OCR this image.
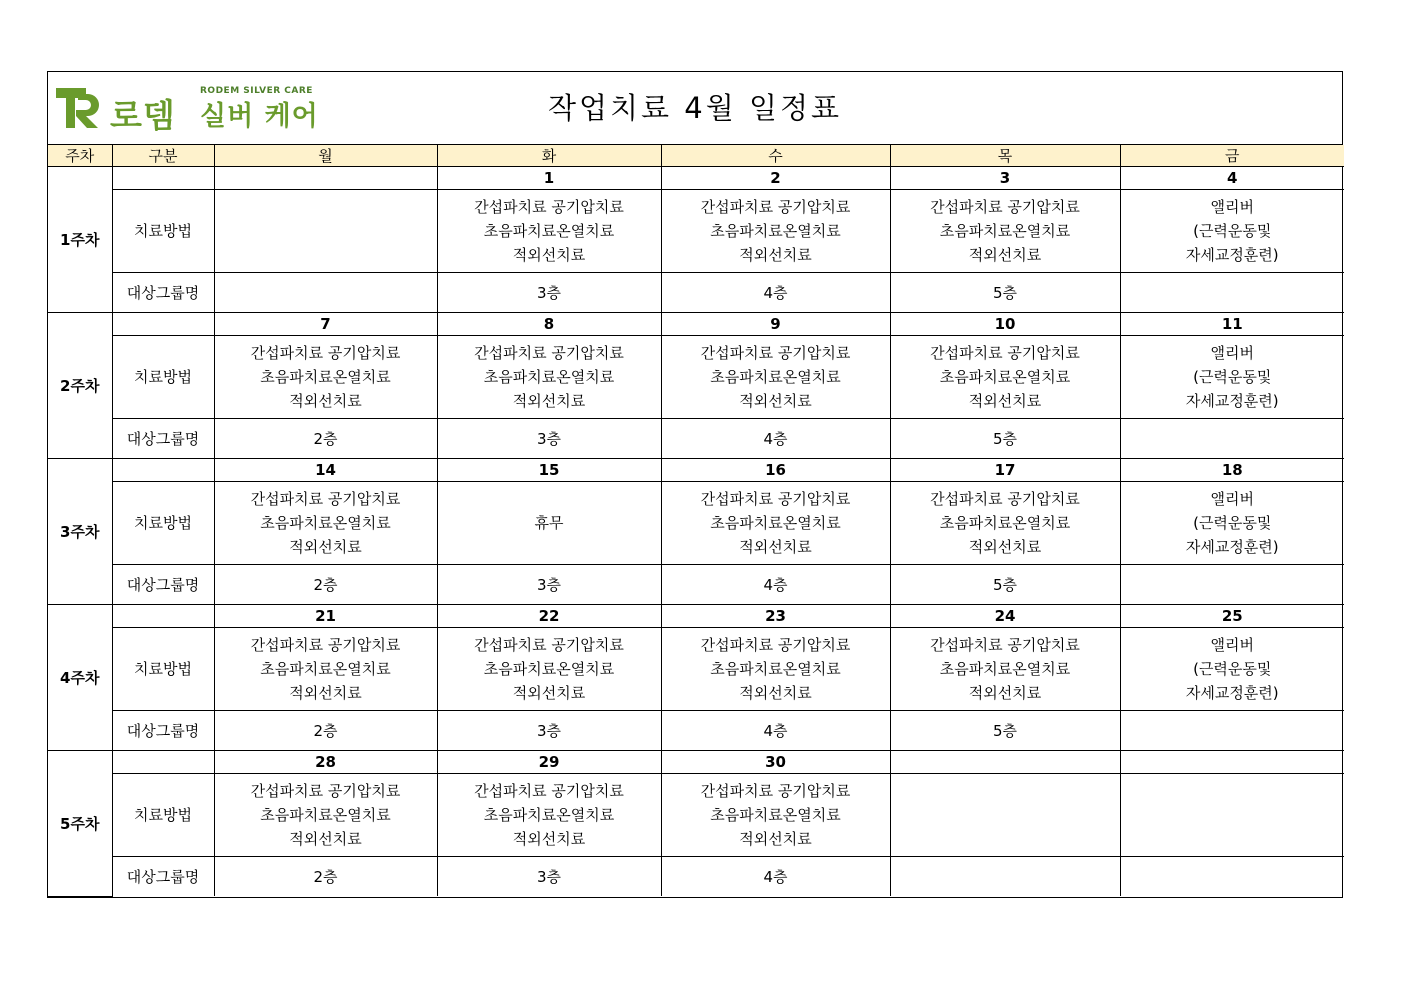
로뎀
RODEM SILVER CARE
실버 케어	작업치료 4월 일정표
주차	구분	월	화	수	목	금
1주차			1	2	3	4
	치료방법		간섭파치료 공기압치료
초음파치료온열치료
적외선치료	간섭파치료 공기압치료
초음파치료온열치료
적외선치료	간섭파치료 공기압치료
초음파치료온열치료
적외선치료	앨리버
(근력운동및
자세교정훈련)

	대상그룹명		3층	4층	5층	
2주차		7	8	9	10	11
	치료방법	간섭파치료 공기압치료
초음파치료온열치료
적외선치료	간섭파치료 공기압치료
초음파치료온열치료
적외선치료	간섭파치료 공기압치료
초음파치료온열치료
적외선치료	간섭파치료 공기압치료
초음파치료온열치료
적외선치료	앨리버
(근력운동및
자세교정훈련)

	대상그룹명	2층	3층	4층	5층	
3주차		14	15	16	17	18
	치료방법	간섭파치료 공기압치료
초음파치료온열치료
적외선치료	휴무	간섭파치료 공기압치료
초음파치료온열치료
적외선치료	간섭파치료 공기압치료
초음파치료온열치료
적외선치료	앨리버
(근력운동및
자세교정훈련)

	대상그룹명	2층	3층	4층	5층	
4주차		21	22	23	24	25
	치료방법	간섭파치료 공기압치료
초음파치료온열치료
적외선치료	간섭파치료 공기압치료
초음파치료온열치료
적외선치료	간섭파치료 공기압치료
초음파치료온열치료
적외선치료	간섭파치료 공기압치료
초음파치료온열치료
적외선치료	앨리버
(근력운동및
자세교정훈련)

	대상그룹명	2층	3층	4층	5층	
5주차		28	29	30		
	치료방법	간섭파치료 공기압치료
초음파치료온열치료
적외선치료	간섭파치료 공기압치료
초음파치료온열치료
적외선치료	간섭파치료 공기압치료
초음파치료온열치료
적외선치료		

	대상그룹명	2층	3층	4층		
